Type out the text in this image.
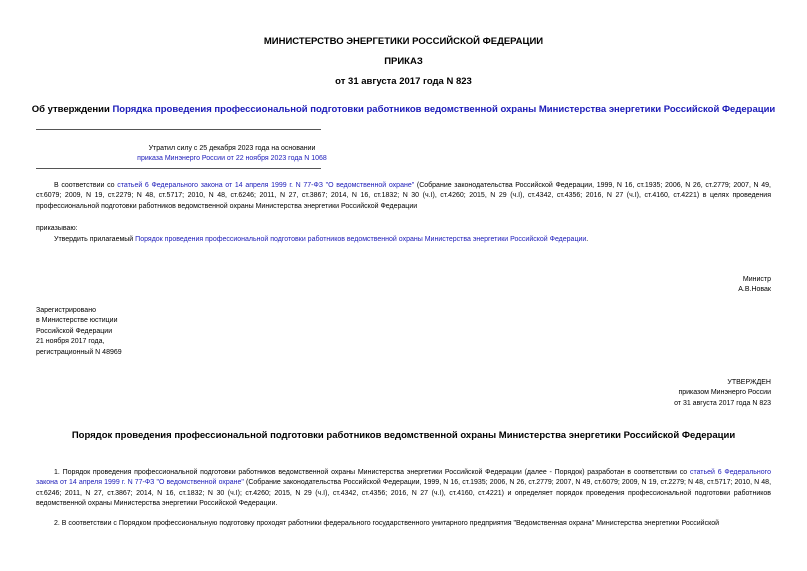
МИНИСТЕРСТВО ЭНЕРГЕТИКИ РОССИЙСКОЙ ФЕДЕРАЦИИ
ПРИКАЗ
от 31 августа 2017 года N 823
Об утверждении Порядка проведения профессиональной подготовки работников ведомственной охраны Министерства энергетики Российской Федерации
Утратил силу с 25 декабря 2023 года на основании
приказа Минэнерго России от 22 ноября 2023 года N 1068
В соответствии со статьей 6 Федерального закона от 14 апреля 1999 г. N 77-ФЗ "О ведомственной охране" (Собрание законодательства Российской Федерации, 1999, N 16, ст.1935; 2006, N 26, ст.2779; 2007, N 49, ст.6079; 2009, N 19, ст.2279; N 48, ст.5717; 2010, N 48, ст.6246; 2011, N 27, ст.3867; 2014, N 16, ст.1832; N 30 (ч.I), ст.4260; 2015, N 29 (ч.I), ст.4342, ст.4356; 2016, N 27 (ч.I), ст.4160, ст.4221) в целях проведения профессиональной подготовки работников ведомственной охраны Министерства энергетики Российской Федерации
приказываю:
Утвердить прилагаемый Порядок проведения профессиональной подготовки работников ведомственной охраны Министерства энергетики Российской Федерации.
Министр
А.В.Новак
Зарегистрировано
в Министерстве юстиции
Российской Федерации
21 ноября 2017 года,
регистрационный N 48969
УТВЕРЖДЕН
приказом Минэнерго России
от 31 августа 2017 года N 823
Порядок проведения профессиональной подготовки работников ведомственной охраны Министерства энергетики Российской Федерации
1. Порядок проведения профессиональной подготовки работников ведомственной охраны Министерства энергетики Российской Федерации (далее - Порядок) разработан в соответствии со статьей 6 Федерального закона от 14 апреля 1999 г. N 77-ФЗ "О ведомственной охране" (Собрание законодательства Российской Федерации, 1999, N 16, ст.1935; 2006, N 26, ст.2779; 2007, N 49, ст.6079; 2009, N 19, ст.2279; N 48, ст.5717; 2010, N 48, ст.6246; 2011, N 27, ст.3867; 2014, N 16, ст.1832; N 30 (ч.I); ст.4260; 2015, N 29 (ч.I), ст.4342, ст.4356; 2016, N 27 (ч.I), ст.4160, ст.4221) и определяет порядок проведения профессиональной подготовки работников ведомственной охраны Министерства энергетики Российской Федерации.
2. В соответствии с Порядком профессиональную подготовку проходят работники федерального государственного унитарного предприятия "Ведомственная охрана" Министерства энергетики Российской
